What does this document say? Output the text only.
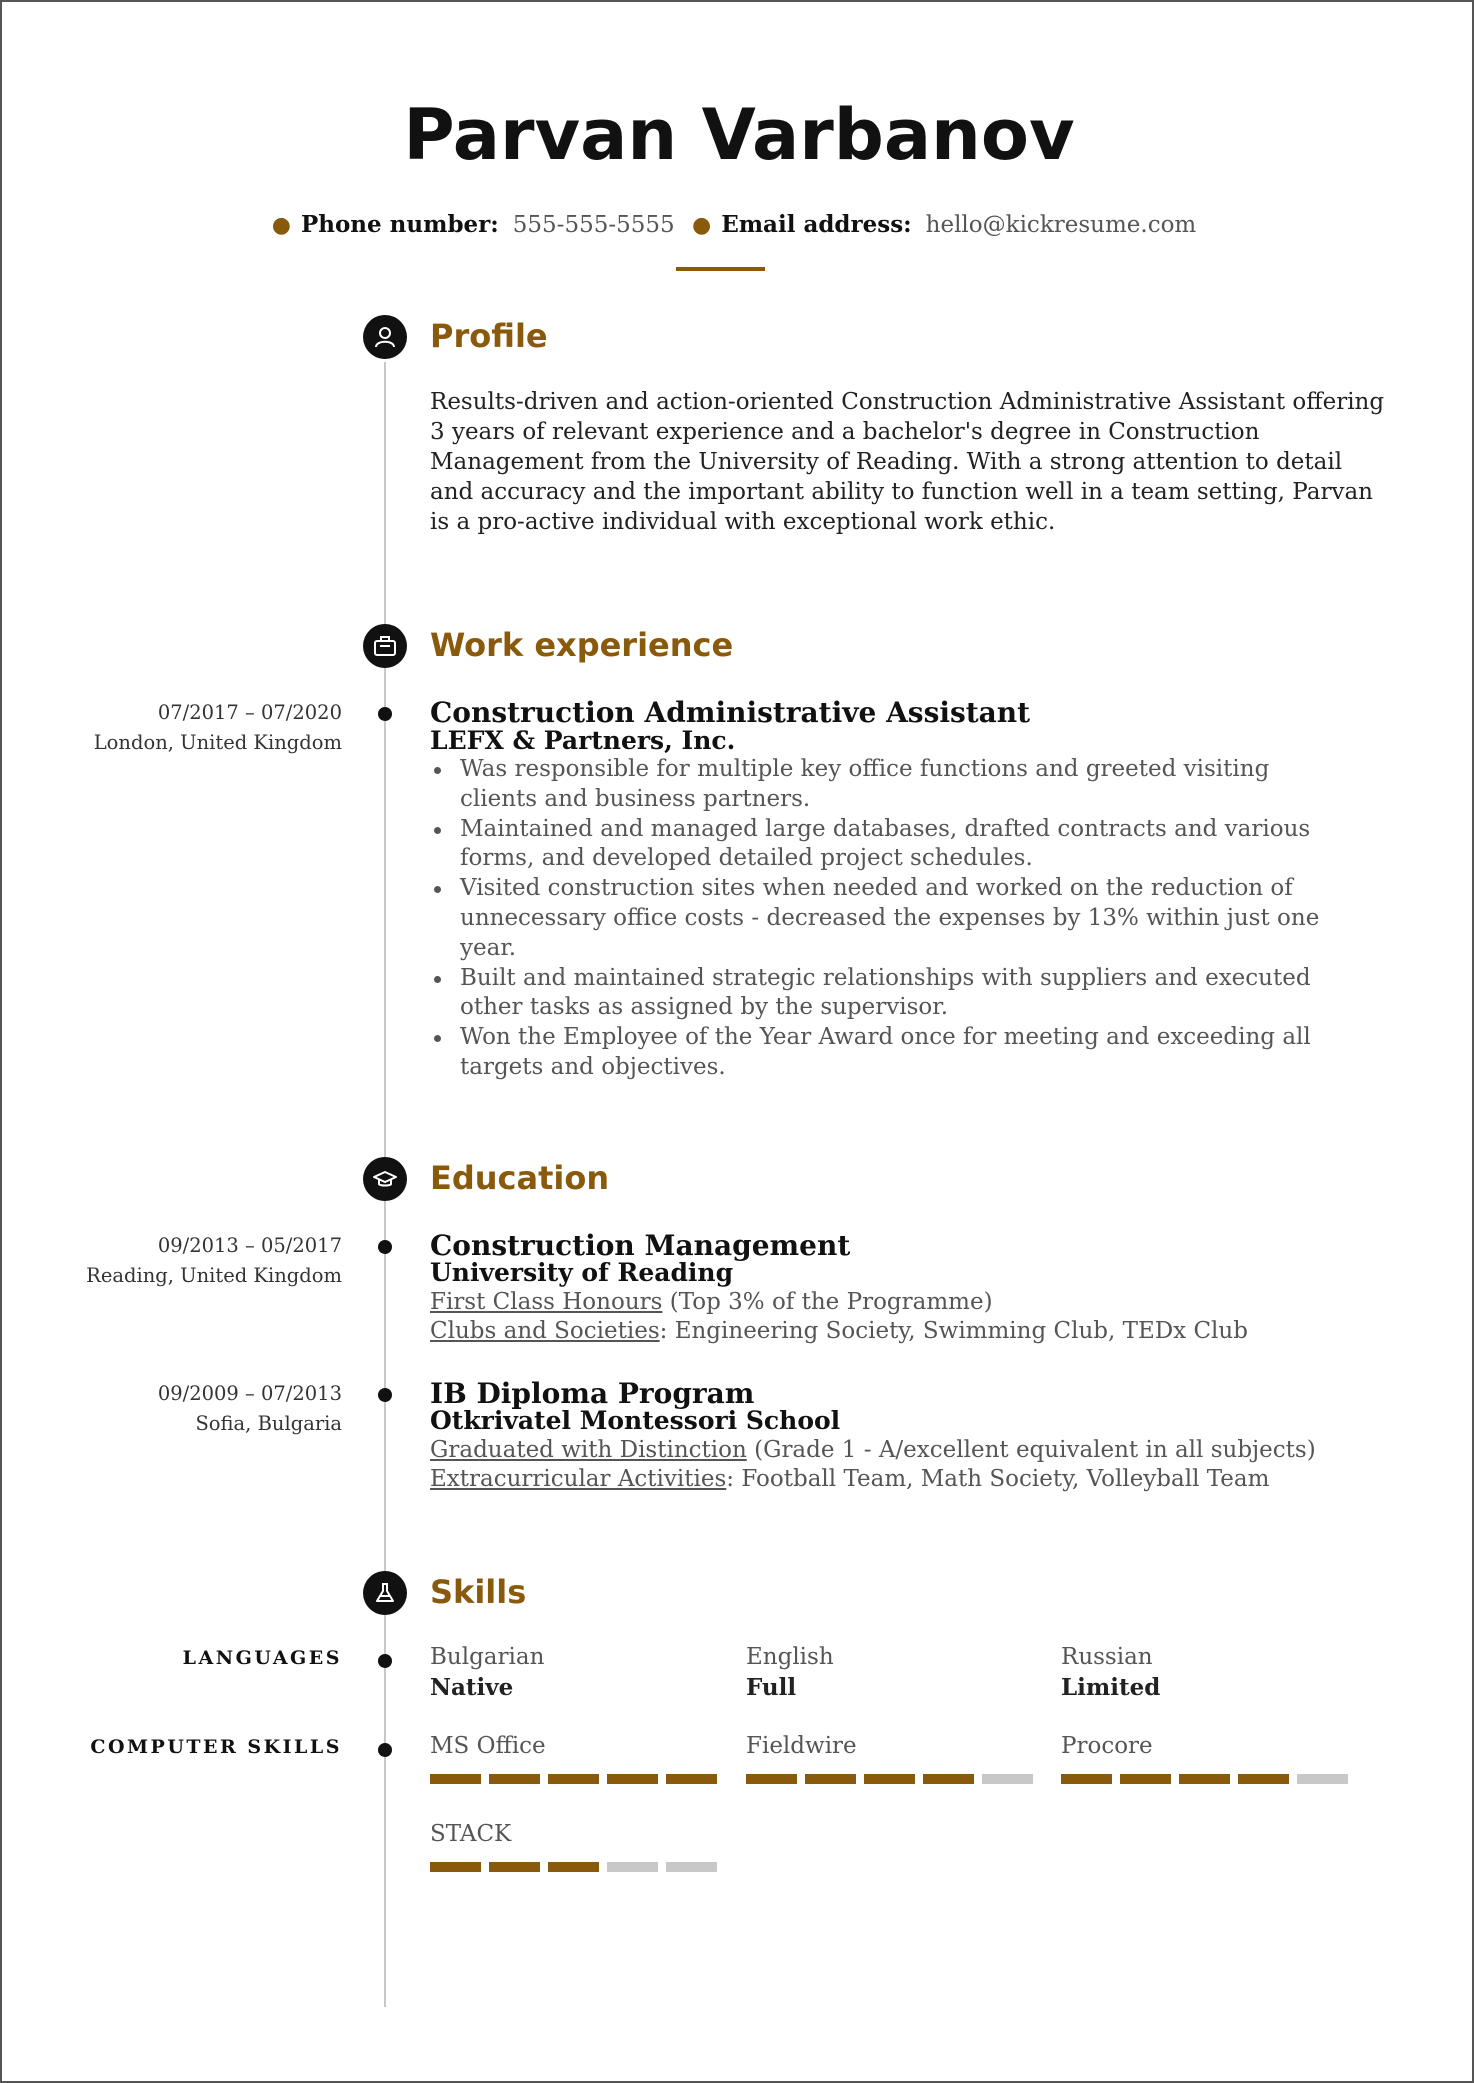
Parvan Varbanov
● Phone number: 555-555-5555 ● Email address: hello@kickresume.com
Profile
Results-driven and action-oriented Construction Administrative Assistant offering 3 years of relevant experience and a bachelor's degree in Construction Management from the University of Reading. With a strong attention to detail and accuracy and the important ability to function well in a team setting, Parvan is a pro-active individual with exceptional work ethic.
Work experience
07/2017 – 07/2020
London, United Kingdom
Construction Administrative Assistant
LEFX & Partners, Inc.
Was responsible for multiple key office functions and greeted visiting clients and business partners.
Maintained and managed large databases, drafted contracts and various forms, and developed detailed project schedules.
Visited construction sites when needed and worked on the reduction of unnecessary office costs - decreased the expenses by 13% within just one year.
Built and maintained strategic relationships with suppliers and executed other tasks as assigned by the supervisor.
Won the Employee of the Year Award once for meeting and exceeding all targets and objectives.
Education
09/2013 – 05/2017
Reading, United Kingdom
Construction Management
University of Reading
First Class Honours (Top 3% of the Programme)
Clubs and Societies: Engineering Society, Swimming Club, TEDx Club
09/2009 – 07/2013
Sofia, Bulgaria
IB Diploma Program
Otkrivatel Montessori School
Graduated with Distinction (Grade 1 - A/excellent equivalent in all subjects)
Extracurricular Activities: Football Team, Math Society, Volleyball Team
Skills
LANGUAGES	Bulgarian
Native
English
Full
Russian
Limited
COMPUTER SKILLS	MS Office	Fieldwire	Procore
STACK
